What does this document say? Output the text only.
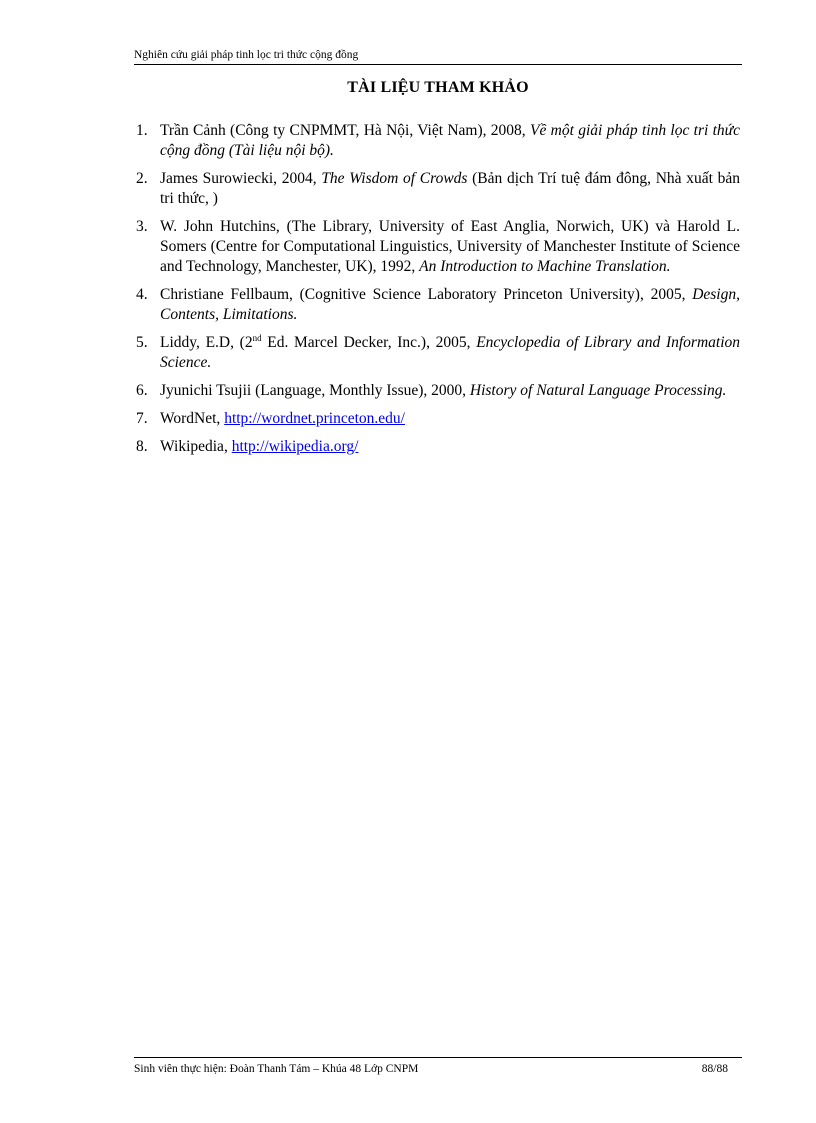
Nghiên cứu giải pháp tinh lọc tri thức cộng đồng
TÀI LIỆU THAM KHẢO
1. Trần Cảnh (Công ty CNPMMT, Hà Nội, Việt Nam), 2008, Về một giải pháp tinh lọc tri thức cộng đồng (Tài liệu nội bộ).
2. James Surowiecki, 2004, The Wisdom of Crowds (Bản dịch Trí tuệ đám đông, Nhà xuất bản tri thức, )
3. W. John Hutchins, (The Library, University of East Anglia, Norwich, UK) và Harold L. Somers (Centre for Computational Linguistics, University of Manchester Institute of Science and Technology, Manchester, UK), 1992, An Introduction to Machine Translation.
4. Christiane Fellbaum, (Cognitive Science Laboratory Princeton University), 2005, Design, Contents, Limitations.
5. Liddy, E.D, (2nd Ed. Marcel Decker, Inc.), 2005, Encyclopedia of Library and Information Science.
6. Jyunichi Tsujii (Language, Monthly Issue), 2000, History of Natural Language Processing.
7. WordNet, http://wordnet.princeton.edu/
8. Wikipedia, http://wikipedia.org/
Sinh viên thực hiện: Đoàn Thanh Tám – Khúa 48 Lớp CNPM	88/88
